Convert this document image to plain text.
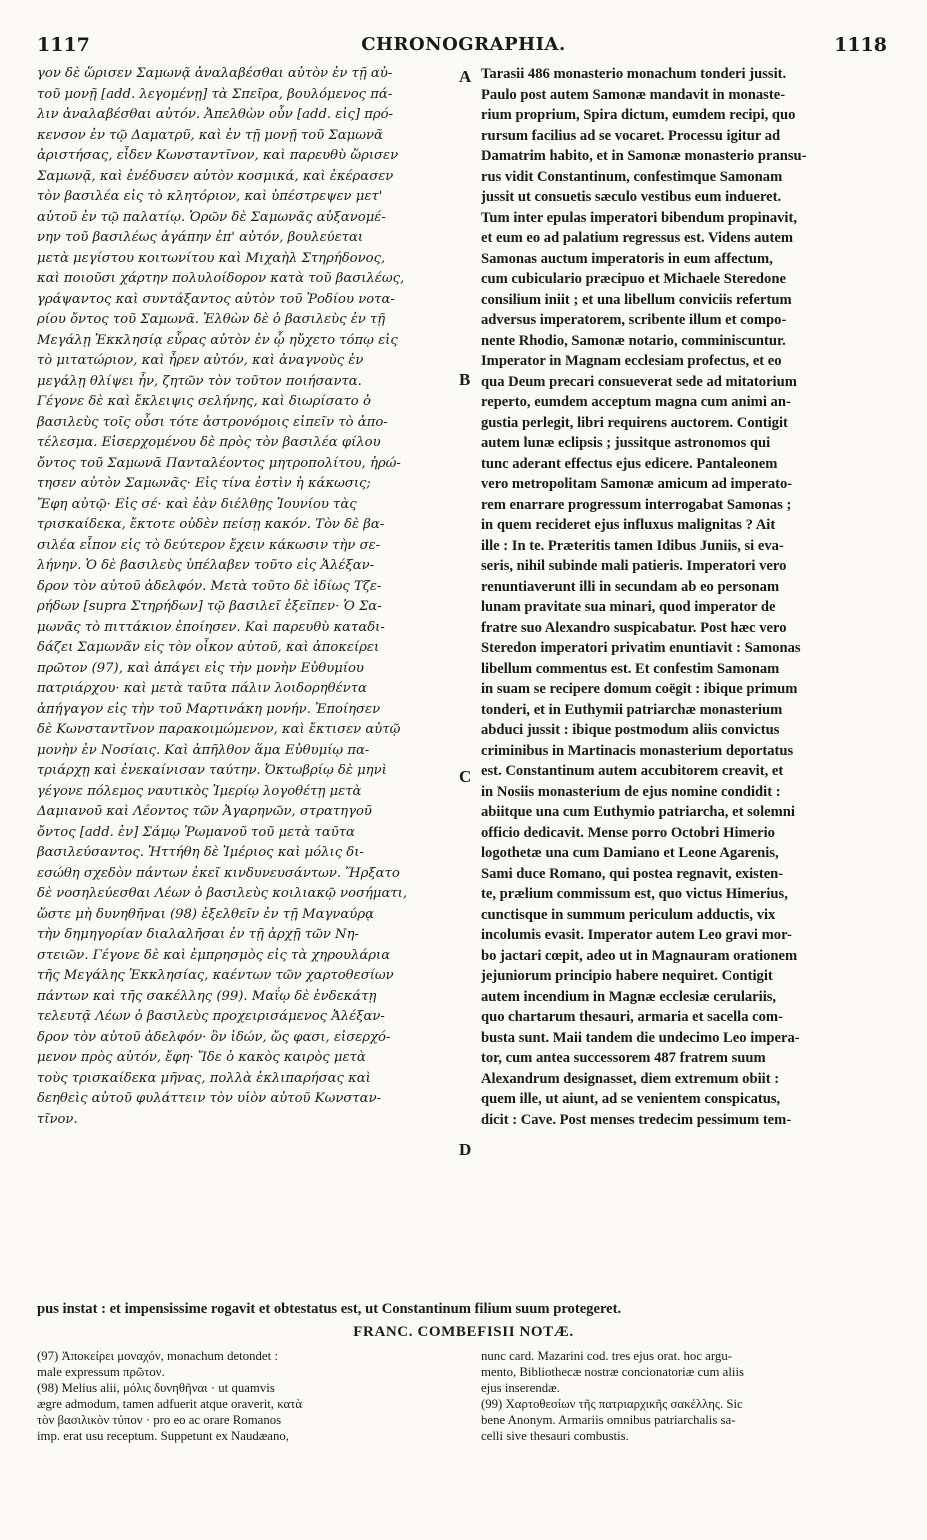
1117	CHRONOGRAPHIA.	1118
γον δὲ ὥρισεν Σαμωνᾷ ἀναλαβέσθαι αὐτὸν ἐν τῇ αὐ-
τοῦ μονῇ [add. λεγομένῃ] τὰ Σπεῖρα, βουλόμενος πά-
λιν ἀναλαβέσθαι αὐτόν. Ἀπελθὼν οὖν [add. εἰς] πρό-
κενσον ἐν τῷ Δαματρῦ, καὶ ἐν τῇ μονῇ τοῦ Σαμωνᾶ
ἀριστήσας, εἶδεν Κωνσταντῖνον, καὶ παρευθὺ ὥρισεν
Σαμωνᾷ, καὶ ἐνέδυσεν αὐτὸν κοσμικά, καὶ ἐκέρασεν
τὸν βασιλέα εἰς τὸ κλητόριον, καὶ ὑπέστρεψεν μετ'
αὐτοῦ ἐν τῷ παλατίῳ. Ὁρῶν δὲ Σαμωνᾶς αὐξανομέ-
νην τοῦ βασιλέως ἀγάπην ἐπ' αὐτόν, βουλεύεται
μετὰ μεγίστου κοιτωνίτου καὶ Μιχαὴλ Στηρήδονος,
καὶ ποιοῦσι χάρτην πολυλοίδορον κατὰ τοῦ βασιλέως,
γράψαντος καὶ συντάξαντος αὐτὸν τοῦ Ῥοδίου νοτα-
ρίου ὄντος τοῦ Σαμωνᾶ. Ἐλθὼν δὲ ὁ βασιλεὺς ἐν τῇ
Μεγάλῃ Ἐκκλησίᾳ εὗρας αὐτὸν ἐν ᾧ ηὔχετο τόπῳ εἰς
τὸ μιτατώριον, καὶ ἦρεν αὐτόν, καὶ ἀναγνοὺς ἐν
μεγάλῃ θλίψει ἦν, ζητῶν τὸν τοῦτον ποιήσαντα.
Γέγονε δὲ καὶ ἔκλειψις σελήνης, καὶ διωρίσατο ὁ
βασιλεὺς τοῖς οὖσι τότε ἀστρονόμοις εἰπεῖν τὸ ἀπο-
τέλεσμα. Εἰσερχομένου δὲ πρὸς τὸν βασιλέα φίλου
ὄντος τοῦ Σαμωνᾶ Πανταλέοντος μητροπολίτου, ἠρώ-
τησεν αὐτὸν Σαμωνᾶς· Εἰς τίνα ἐστὶν ἡ κάκωσις;
Ἔφη αὐτῷ· Εἰς σέ· καὶ ἐὰν διέλθῃς Ἰουνίου τὰς
τρισκαίδεκα, ἔκτοτε οὐδὲν πείσῃ κακόν. Τὸν δὲ βα-
σιλέα εἶπον εἰς τὸ δεύτερον ἔχειν κάκωσιν τὴν σε-
λήνην. Ὁ δὲ βασιλεὺς ὑπέλαβεν τοῦτο εἰς Ἀλέξαν-
δρον τὸν αὐτοῦ ἀδελφόν. Μετὰ τοῦτο δὲ ἰδίως Τζε-
ρήδων [supra Στηρήδων] τῷ βασιλεῖ ἐξεῖπεν· Ὁ Σα-
μωνᾶς τὸ πιττάκιον ἐποίησεν. Καὶ παρευθὺ καταδι-
δάζει Σαμωνᾶν εἰς τὸν οἶκον αὐτοῦ, καὶ ἀποκείρει
πρῶτον (97), καὶ ἀπάγει εἰς τὴν μονὴν Εὐθυμίου
πατριάρχου· καὶ μετὰ ταῦτα πάλιν λοιδορηθέντα
ἀπήγαγον εἰς τὴν τοῦ Μαρτινάκη μονήν. Ἐποίησεν
δὲ Κωνσταντῖνον παρακοιμώμενον, καὶ ἔκτισεν αὐτῷ
μονὴν ἐν Νοσίαις. Καὶ ἀπῆλθον ἅμα Εὐθυμίῳ πα-
τριάρχῃ καὶ ἐνεκαίνισαν ταύτην. Ὀκτωβρίῳ δὲ μηνὶ
γέγονε πόλεμος ναυτικὸς Ἱμερίῳ λογοθέτῃ μετὰ
Δαμιανοῦ καὶ Λέοντος τῶν Ἀγαρηνῶν, στρατηγοῦ
ὄντος [add. ἐν] Σάμῳ Ῥωμανοῦ τοῦ μετὰ ταῦτα
βασιλεύσαντος. Ἡττήθη δὲ Ἱμέριος καὶ μόλις δι-
εσώθη σχεδὸν πάντων ἐκεῖ κινδυνευσάντων. Ἤρξατο
δὲ νοσηλεύεσθαι Λέων ὁ βασιλεὺς κοιλιακῷ νοσήματι,
ὥστε μὴ δυνηθῆναι (98) ἐξελθεῖν ἐν τῇ Μαγναύρᾳ
τὴν δημηγορίαν διαλαλῆσαι ἐν τῇ ἀρχῇ τῶν Νη-
στειῶν. Γέγονε δὲ καὶ ἐμπρησμὸς εἰς τὰ χηρουλάρια
τῆς Μεγάλης Ἐκκλησίας, καέντων τῶν χαρτοθεσίων
πάντων καὶ τῆς σακέλλης (99). Μαΐῳ δὲ ἑνδεκάτῃ
τελευτᾷ Λέων ὁ βασιλεὺς προχειρισάμενος Ἀλέξαν-
δρον τὸν αὐτοῦ ἀδελφόν· ὃν ἰδών, ὥς φασι, εἰσερχό-
μενον πρὸς αὐτόν, ἔφη· Ἴδε ὁ κακὸς καιρὸς μετὰ
τοὺς τρισκαίδεκα μῆνας, πολλὰ ἐκλιπαρήσας καὶ
δεηθεὶς αὐτοῦ φυλάττειν τὸν υἱὸν αὐτοῦ Κωνσταν-
τῖνον.
Tarasii 486 monasterio monachum tonderi jussit.
Paulo post autem Samonæ mandavit in monaste-
rium proprium, Spira dictum, eumdem recipi, quo
rursum facilius ad se vocaret. Processu igitur ad
Damatrim habito, et in Samonæ monasterio pransu-
rus vidit Constantinum, confestimque Samonam
jussit ut consuetis sæculo vestibus eum indueret.
Tum inter epulas imperatori bibendum propinavit,
et eum eo ad palatium regressus est. Videns autem
Samonas auctum imperatoris in eum affectum,
cum cubiculario præcipuo et Michaele Steredone
consilium iniit ; et una libellum conviciis refertum
adversus imperatorem, scribente illum et compo-
nente Rhodio, Samonæ notario, comminiscuntur.
Imperator in Magnam ecclesiam profectus, et eo
qua Deum precari consueverat sede ad mitatorium
reperto, eumdem acceptum magna cum animi an-
gustia perlegit, libri requirens auctorem. Contigit
autem lunæ eclipsis ; jussitque astronomos qui
tunc aderant effectus ejus edicere. Pantaleonem
vero metropolitam Samonæ amicum ad imperato-
rem enarrare progressum interrogabat Samonas ;
in quem recideret ejus influxus malignitas ? Ait
ille : In te. Præteritis tamen Idibus Juniis, si eva-
seris, nihil subinde mali patieris. Imperatori vero
renuntiaverunt illi in secundam ab eo personam
lunam pravitate sua minari, quod imperator de
fratre suo Alexandro suspicabatur. Post hæc vero
Steredon imperatori privatim enuntiavit : Samonas
libellum commentus est. Et confestim Samonam
in suam se recipere domum coëgit : ibique primum
tonderi, et in Euthymii patriarchæ monasterium
abduci jussit : ibique postmodum aliis convictus
criminibus in Martinacis monasterium deportatus
est. Constantinum autem accubitorem creavit, et
in Nosiis monasterium de ejus nomine condidit :
abiitque una cum Euthymio patriarcha, et solemni
officio dedicavit. Mense porro Octobri Himerio
logothetæ una cum Damiano et Leone Agarenis,
Sami duce Romano, qui postea regnavit, existen-
te, prælium commissum est, quo victus Himerius,
cunctisque in summum periculum adductis, vix
incolumis evasit. Imperator autem Leo gravi mor-
bo jactari cœpit, adeo ut in Magnauram orationem
jejuniorum principio habere nequiret. Contigit
autem incendium in Magnæ ecclesiæ cerulariis,
quo chartarum thesauri, armaria et sacella com-
busta sunt. Maii tandem die undecimo Leo impera-
tor, cum antea successorem 487 fratrem suum
Alexandrum designasset, diem extremum obiit :
quem ille, ut aiunt, ad se venientem conspicatus,
dicit : Cave. Post menses tredecim pessimum tem-
A
B
C
D
pus instat : et impensissime rogavit et obtestatus est, ut Constantinum filium suum protegeret.
FRANC. COMBEFISII NOTÆ.
(97) Ἀποκείρει μοναχόν, monachum detondet :
male expressum πρῶτον.
(98) Melius alii, μόλις δυνηθῆναι · ut quamvis
ægre admodum, tamen adfuerit atque oraverit, κατὰ
τὸν βασιλικὸν τύπον · pro eo ac orare Romanos
imp. erat usu receptum. Suppetunt ex Naudæano,
nunc card. Mazarini cod. tres ejus orat. hoc argu-
mento, Bibliothecæ nostræ concionatoriæ cum aliis
ejus inserendæ.
(99) Χαρτοθεσίων τῆς πατριαρχικῆς σακέλλης. Sic
bene Anonym. Armariis omnibus patriarchalis sa-
celli sive thesauri combustis.
